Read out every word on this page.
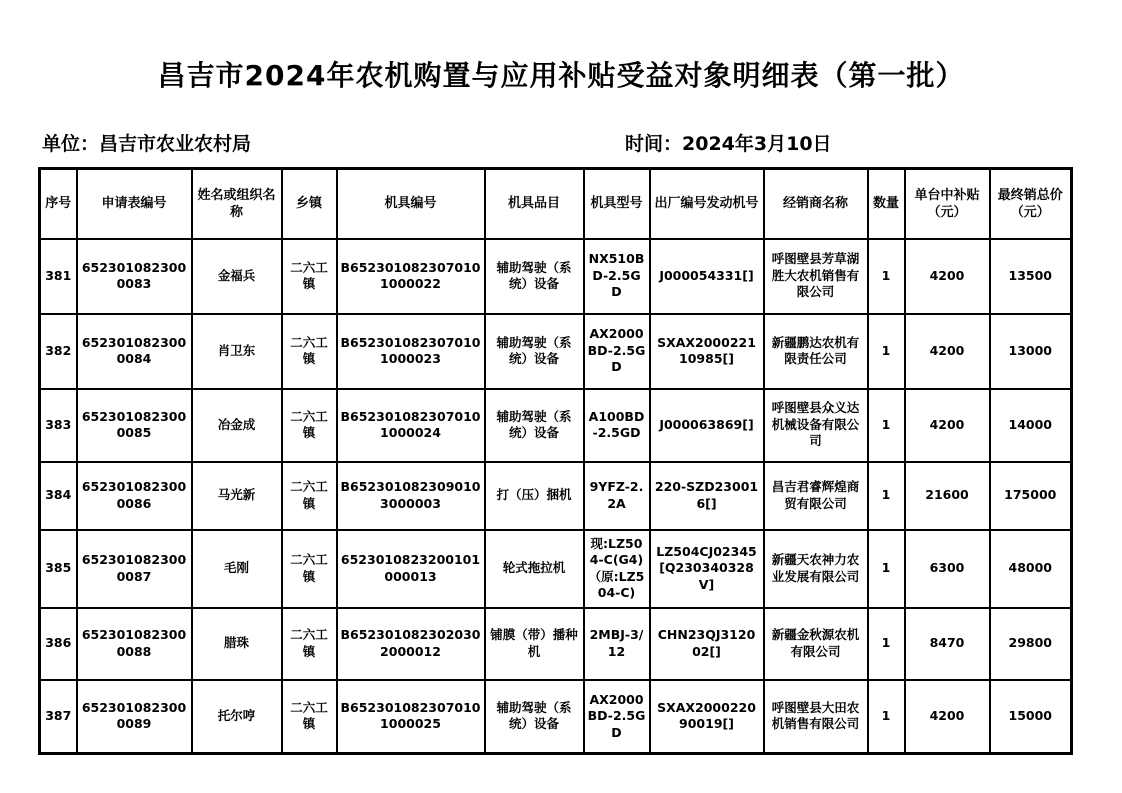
昌吉市2024年农机购置与应用补贴受益对象明细表（第一批）
单位：昌吉市农业农村局	时间：2024年3月10日
序号	申请表编号	姓名或组织名称	乡镇	机具编号	机具品目	机具型号	出厂编号发动机号	经销商名称	数量	单台中补贴（元）	最终销总价（元）
381	6523010823000083	金福兵	二六工镇	B6523010823070101000022	辅助驾驶（系统）设备	NX510BD-2.5GD	J000054331[]	呼图壁县芳草湖胜大农机销售有限公司	1	4200	13500
382	6523010823000084	肖卫东	二六工镇	B6523010823070101000023	辅助驾驶（系统）设备	AX2000BD-2.5GD	SXAX200022110985[]	新疆鹏达农机有限责任公司	1	4200	13000
383	6523010823000085	冶金成	二六工镇	B6523010823070101000024	辅助驾驶（系统）设备	A100BD-2.5GD	J000063869[]	呼图壁县众义达机械设备有限公司	1	4200	14000
384	6523010823000086	马光新	二六工镇	B6523010823090103000003	打（压）捆机	9YFZ-2.2A	220-SZD230016[]	昌吉君睿辉煌商贸有限公司	1	21600	175000
385	6523010823000087	毛刚	二六工镇	6523010823200101000013	轮式拖拉机	现:LZ504-C(G4)（原:LZ504-C)	LZ504CJ02345[Q230340328V]	新疆天农神力农业发展有限公司	1	6300	48000
386	6523010823000088	腊珠	二六工镇	B6523010823020302000012	铺膜（带）播种机	2MBJ-3/12	CHN23QJ312002[]	新疆金秋源农机有限公司	1	8470	29800
387	6523010823000089	托尔哼	二六工镇	B6523010823070101000025	辅助驾驶（系统）设备	AX2000BD-2.5GD	SXAX200022090019[]	呼图壁县大田农机销售有限公司	1	4200	15000
